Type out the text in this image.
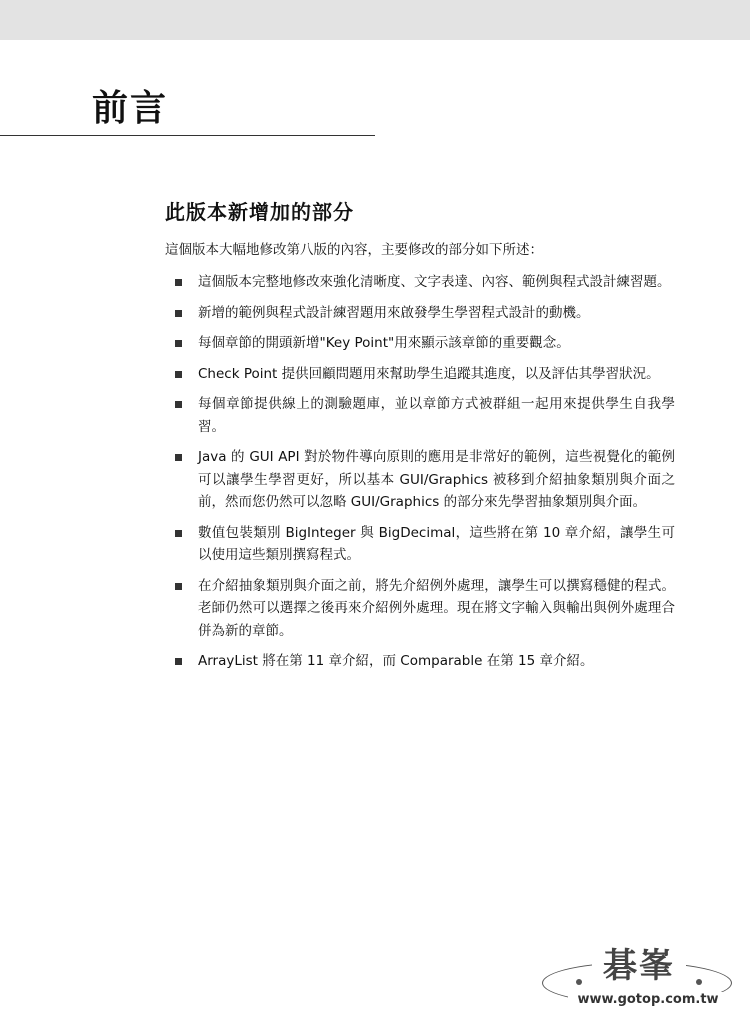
前言
此版本新增加的部分

這個版本大幅地修改第八版的內容，主要修改的部分如下所述：

這個版本完整地修改來強化清晰度、文字表達、內容、範例與程式設計練習題。
新增的範例與程式設計練習題用來啟發學生學習程式設計的動機。
每個章節的開頭新增"Key Point"用來顯示該章節的重要觀念。
Check Point 提供回顧問題用來幫助學生追蹤其進度，以及評估其學習狀況。
每個章節提供線上的測驗題庫，並以章節方式被群組一起用來提供學生自我學習。
Java 的 GUI API 對於物件導向原則的應用是非常好的範例，這些視覺化的範例可以讓學生學習更好，所以基本 GUI/Graphics 被移到介紹抽象類別與介面之前，然而您仍然可以忽略 GUI/Graphics 的部分來先學習抽象類別與介面。
數值包裝類別 BigInteger 與 BigDecimal，這些將在第 10 章介紹，讓學生可以使用這些類別撰寫程式。
在介紹抽象類別與介面之前，將先介紹例外處理，讓學生可以撰寫穩健的程式。老師仍然可以選擇之後再來介紹例外處理。現在將文字輸入與輸出與例外處理合併為新的章節。
ArrayList 將在第 11 章介紹，而 Comparable 在第 15 章介紹。
碁峯
www.gotop.com.tw
